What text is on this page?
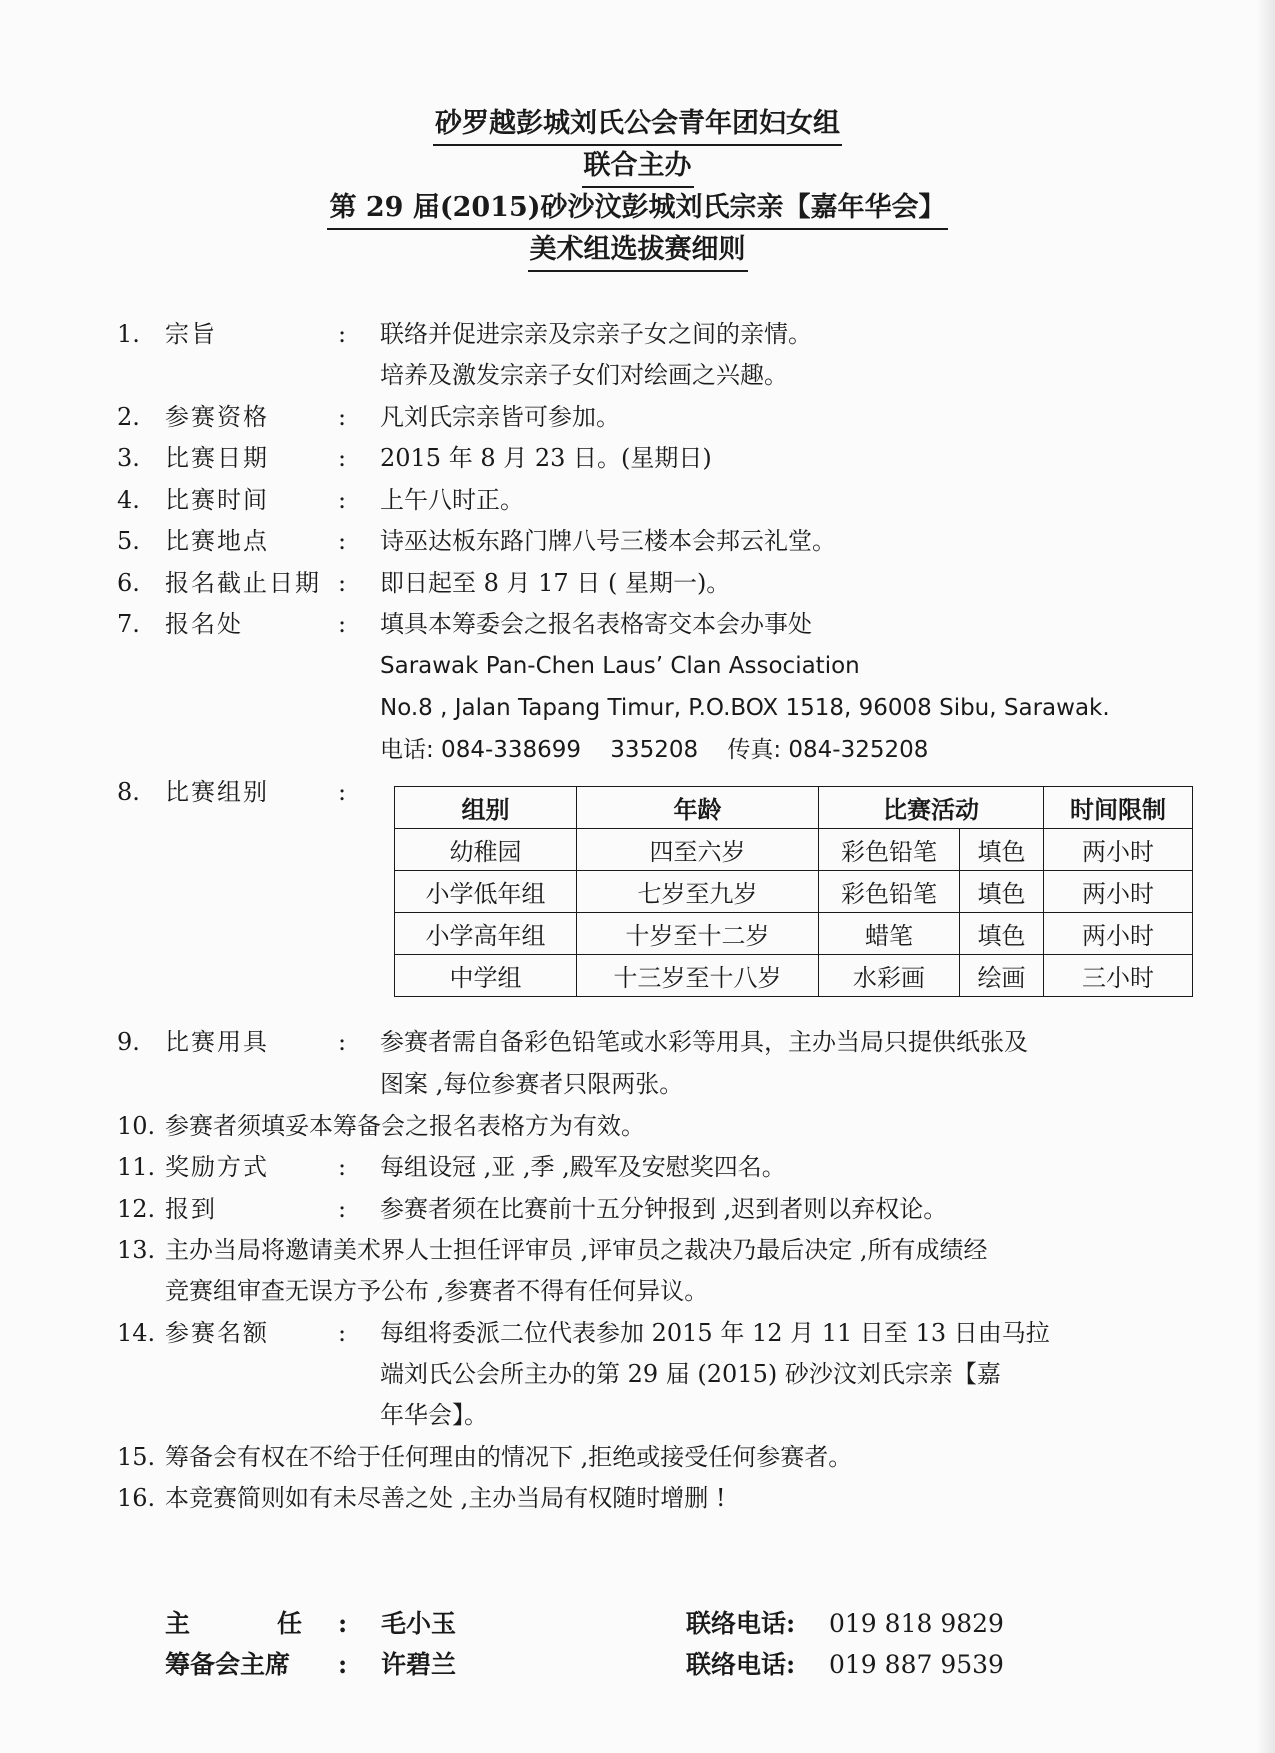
砂罗越彭城刘氏公会青年团妇女组
联合主办
第 29 届(2015)砂沙汶彭城刘氏宗亲【嘉年华会】
美术组选拔赛细则
1. 宗旨	: 联络并促进宗亲及宗亲子女之间的亲情。
培养及激发宗亲子女们对绘画之兴趣。
2. 参赛资格	: 凡刘氏宗亲皆可参加。
3. 比赛日期	: 2015 年 8 月 23 日。(星期日)
4. 比赛时间	: 上午八时正。
5. 比赛地点	: 诗巫达板东路门牌八号三楼本会邦云礼堂。
6. 报名截止日期 : 即日起至 8 月 17 日 ( 星期一)。
7. 报名处	: 填具本筹委会之报名表格寄交本会办事处
Sarawak Pan-Chen Laus’ Clan Association
No.8 , Jalan Tapang Timur, P.O.BOX 1518, 96008 Sibu, Sarawak.
电话: 084-338699    335208    传真: 084-325208
8. 比赛组别	:
组别	年龄	比赛活动		时间限制
幼稚园	四至六岁	彩色铅笔	填色	两小时
小学低年组	七岁至九岁	彩色铅笔	填色	两小时
小学高年组	十岁至十二岁	蜡笔	填色	两小时
中学组	十三岁至十八岁	水彩画	绘画	三小时
9. 比赛用具	: 参赛者需自备彩色铅笔或水彩等用具，主办当局只提供纸张及
图案 ,每位参赛者只限两张。
10. 参赛者须填妥本筹备会之报名表格方为有效。
11. 奖励方式	: 每组设冠 ,亚 ,季 ,殿军及安慰奖四名。
12. 报到	: 参赛者须在比赛前十五分钟报到 ,迟到者则以弃权论。
13. 主办当局将邀请美术界人士担任评审员 ,评审员之裁决乃最后决定 ,所有成绩经
竞赛组审查无误方予公布 ,参赛者不得有任何异议。
14. 参赛名额	: 每组将委派二位代表参加 2015 年 12 月 11 日至 13 日由马拉
端刘氏公会所主办的第 29 届 (2015) 砂沙汶刘氏宗亲【嘉
年华会】。
15. 筹备会有权在不给于任何理由的情况下 ,拒绝或接受任何参赛者。
16. 本竞赛简则如有未尽善之处 ,主办当局有权随时增删 !
主          任 : 毛小玉	联络电话: 019 818 9829
筹备会主席 : 许碧兰	联络电话: 019 887 9539
